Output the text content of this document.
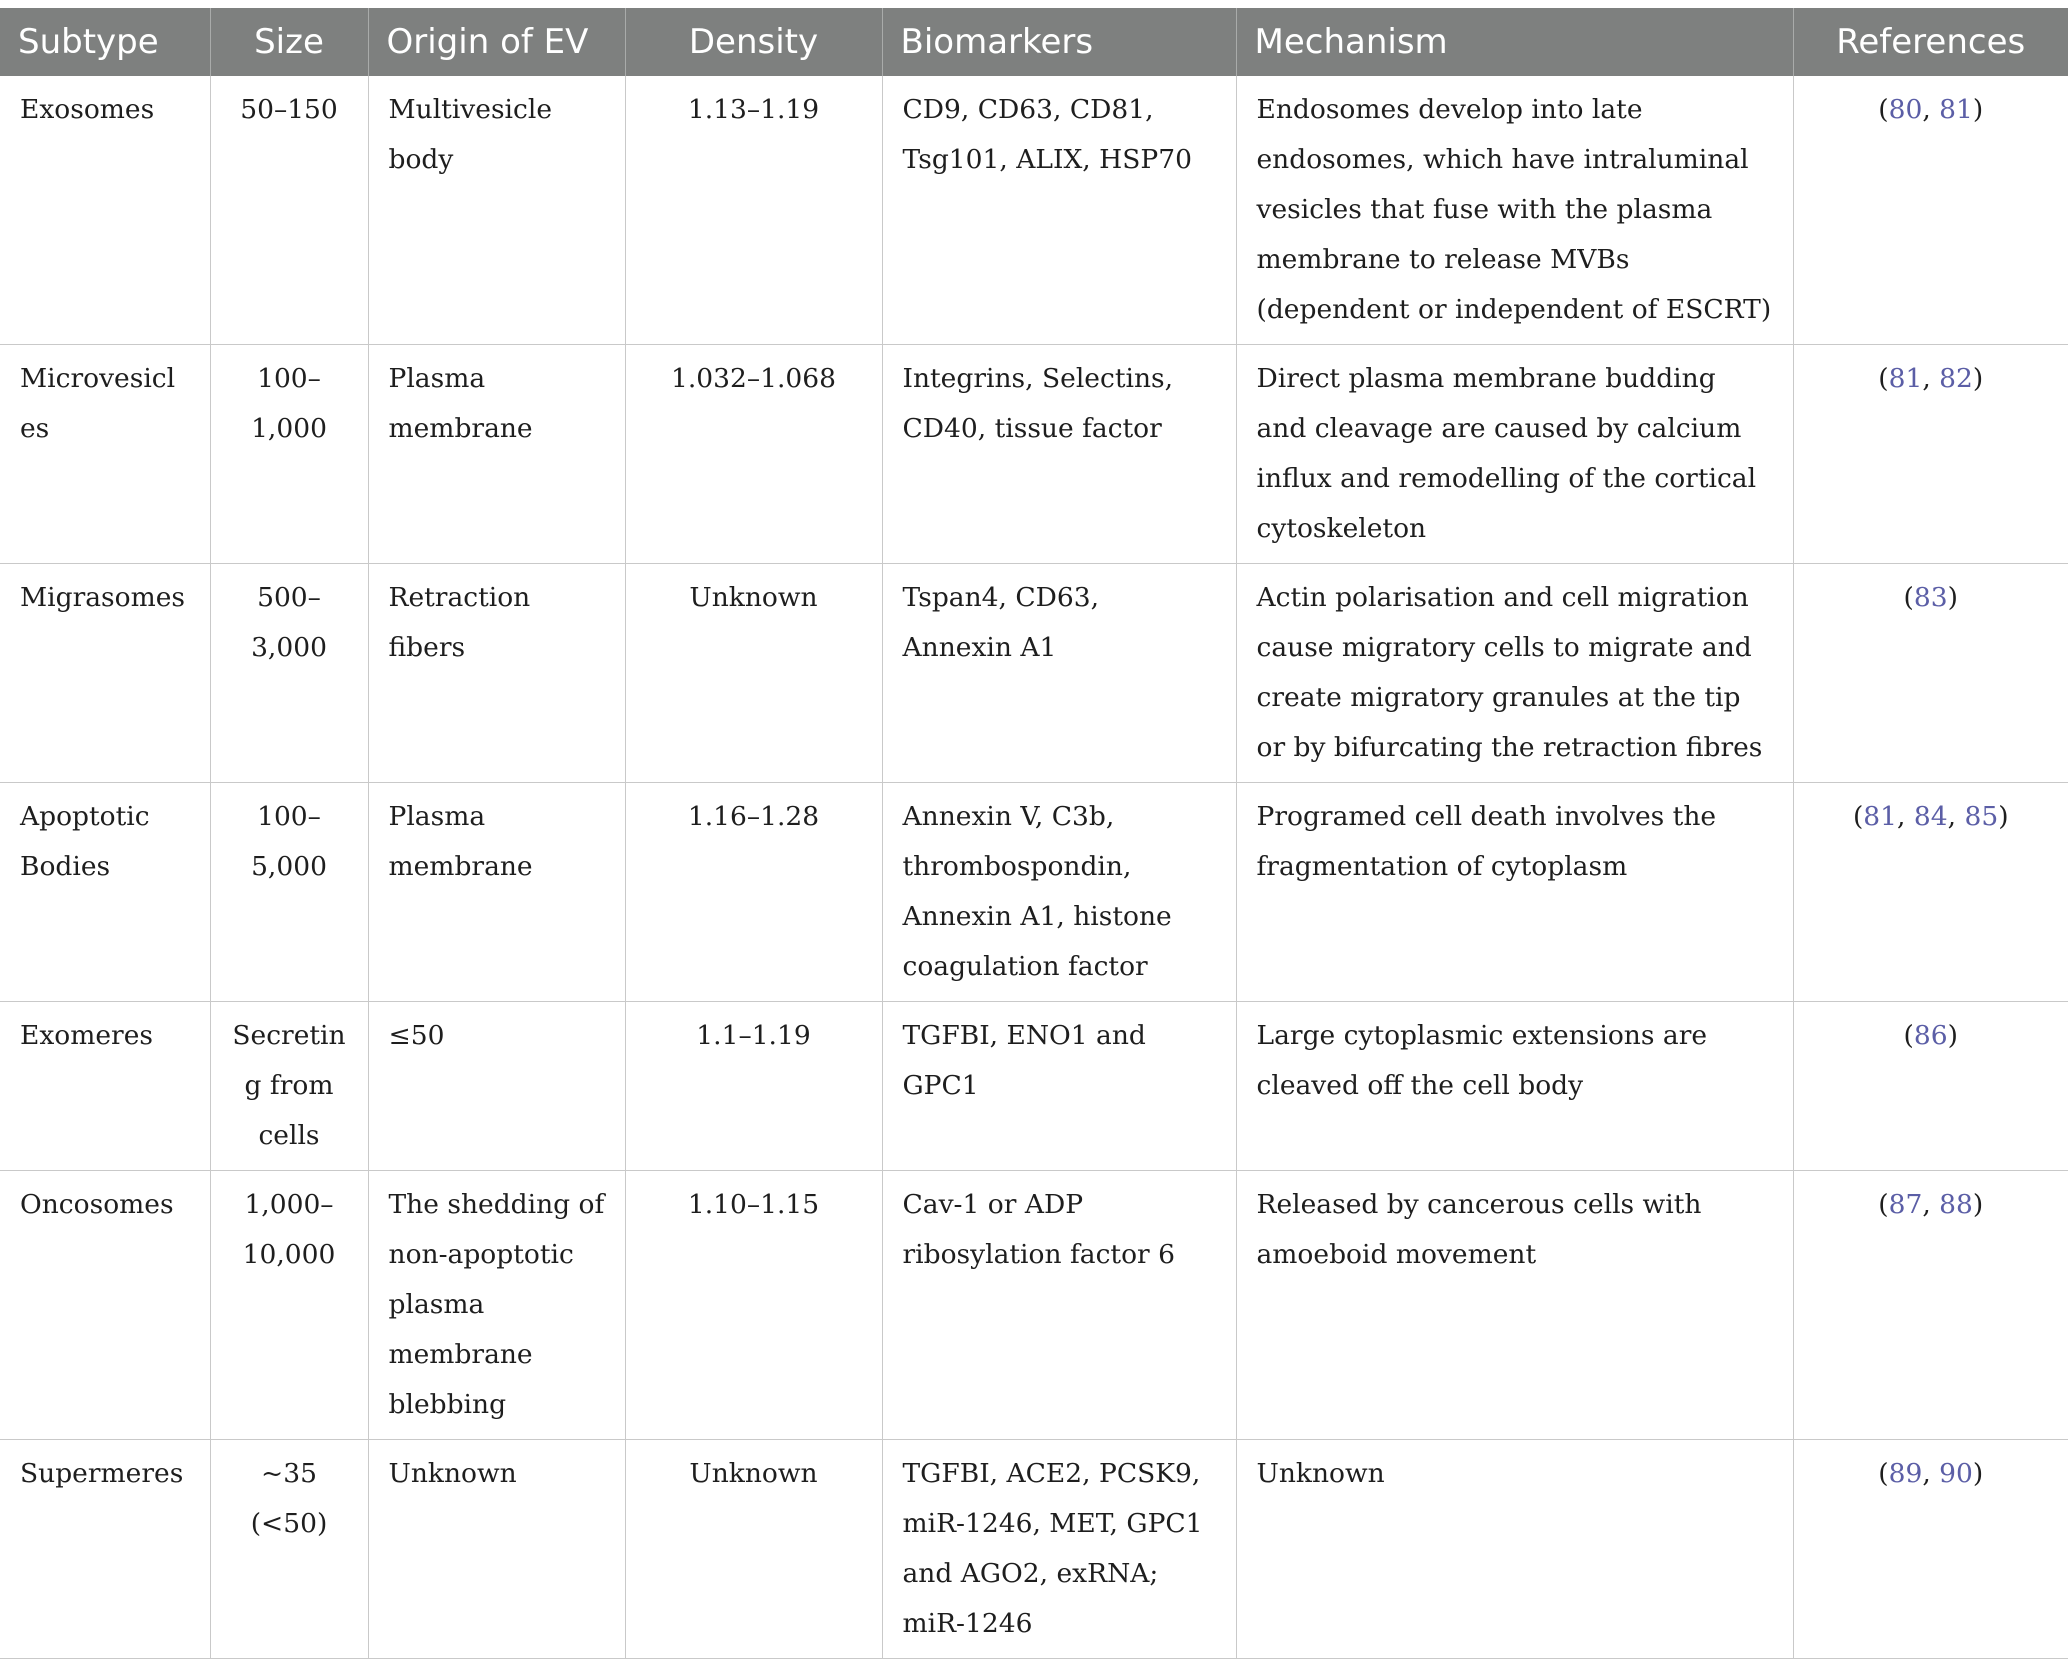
Subtype	Size	Origin of EV	Density	Biomarkers	Mechanism	References
Exosomes	50–150	Multivesicle body	1.13–1.19	CD9, CD63, CD81, Tsg101, ALIX, HSP70	Endosomes develop into late endosomes, which have intraluminal vesicles that fuse with the plasma membrane to release MVBs (dependent or independent of ESCRT)	(80, 81)
Microvesicles	100–1,000	Plasma membrane	1.032–1.068	Integrins, Selectins, CD40, tissue factor	Direct plasma membrane budding and cleavage are caused by calcium influx and remodelling of the cortical cytoskeleton	(81, 82)
Migrasomes	500–3,000	Retraction fibers	Unknown	Tspan4, CD63, Annexin A1	Actin polarisation and cell migration cause migratory cells to migrate and create migratory granules at the tip or by bifurcating the retraction fibres	(83)
Apoptotic Bodies	100–5,000	Plasma membrane	1.16–1.28	Annexin V, C3b, thrombospondin, Annexin A1, histone coagulation factor	Programed cell death involves the fragmentation of cytoplasm	(81, 84, 85)
Exomeres	Secreting from cells	≤50	1.1–1.19	TGFBI, ENO1 and GPC1	Large cytoplasmic extensions are cleaved off the cell body	(86)
Oncosomes	1,000–10,000	The shedding of non-apoptotic plasma membrane blebbing	1.10–1.15	Cav-1 or ADP ribosylation factor 6	Released by cancerous cells with amoeboid movement	(87, 88)
Supermeres	~35 (<50)	Unknown	Unknown	TGFBI, ACE2, PCSK9, miR-1246, MET, GPC1 and AGO2, exRNA; miR-1246	Unknown	(89, 90)
